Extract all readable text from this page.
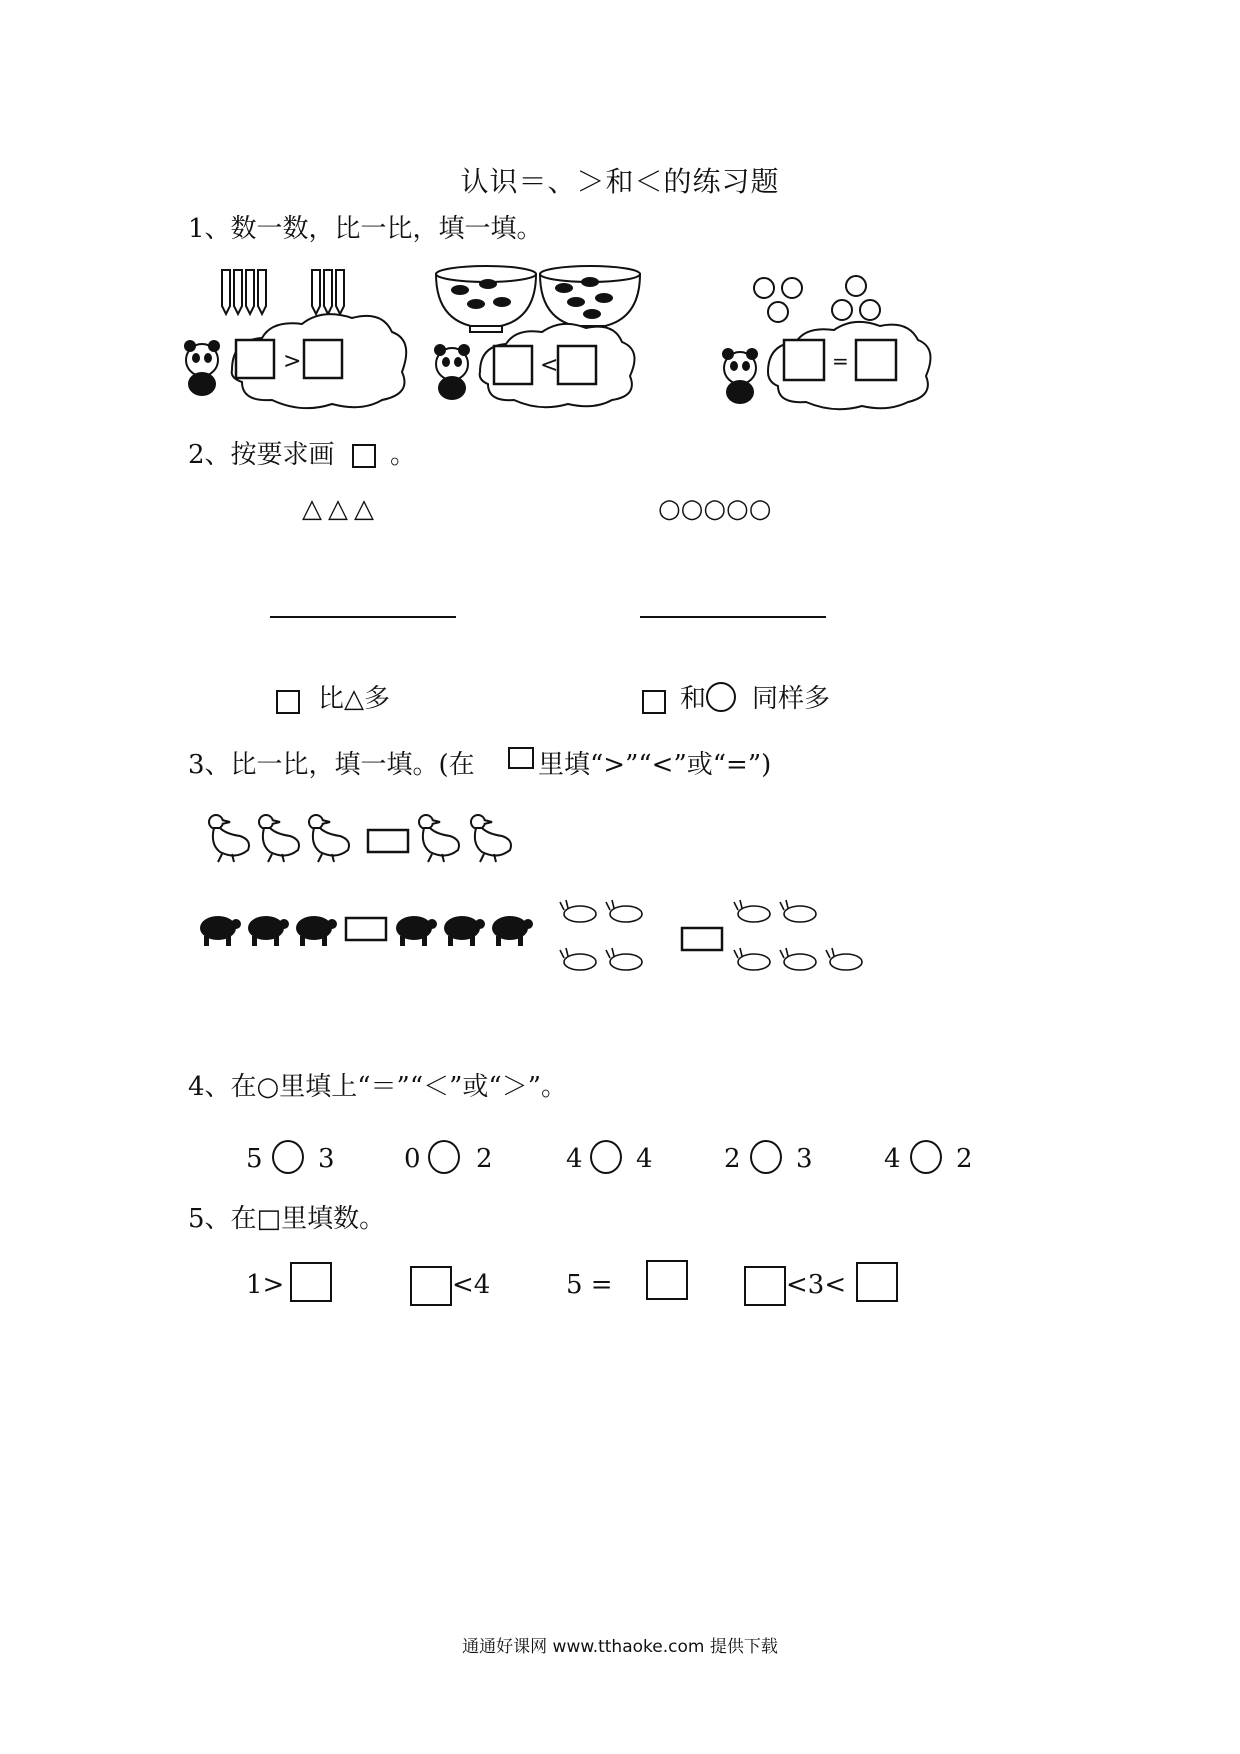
认识＝、＞和＜的练习题
1、数一数，比一比，填一填。
>	<	=
2、按要求画 。
△△△	○○○○○
比△多	和 同样多
3、比一比，填一填。(在 里填“>”“<”或“=”)
4、在○里填上“＝”“＜”或“＞”。
5 3	0 2	4 4	2 3	4 2
5、在□里填数。
1>	<4	5 =	<3<
通通好课网 www.tthaoke.com 提供下载
